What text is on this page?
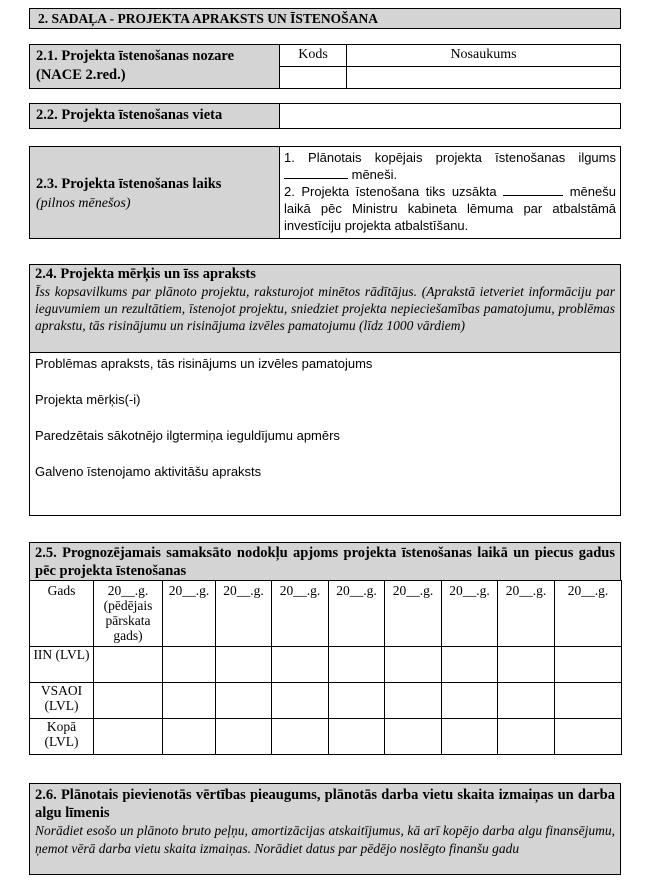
2. SADAĻA - PROJEKTA APRAKSTS UN ĪSTENOŠANA
2.1. Projekta īstenošanas nozare
(NACE 2.red.)
Kods	Nosaukums
2.2. Projekta īstenošanas vieta
2.3. Projekta īstenošanas laiks
(pilnos mēnešos)
1. Plānotais kopējais projekta īstenošanas ilgums  mēneši.
2. Projekta īstenošana tiks uzsākta	mēnešu laikā pēc Ministru kabineta lēmuma par atbalstāmā investīciju projekta atbalstīšanu.
2.4. Projekta mērķis un īss apraksts
Īss kopsavilkums par plānoto projektu, raksturojot minētos rādītājus. (Aprakstā ietveriet informāciju par ieguvumiem un rezultātiem, īstenojot projektu, sniedziet projekta nepieciešamības pamatojumu, problēmas aprakstu, tās risinājumu un risinājuma izvēles pamatojumu (līdz 1000 vārdiem)
Problēmas apraksts, tās risinājums un izvēles pamatojums
Projekta mērķis(-i)
Paredzētais sākotnējo ilgtermiņa ieguldījumu apmērs
Galveno īstenojamo aktivitāšu apraksts
2.5. Prognozējamais samaksāto nodokļu apjoms projekta īstenošanas laikā un piecus gadus pēc projekta īstenošanas
Gads	20__.g. (pēdējais pārskata gads)	20__.g.	20__.g.	20__.g.	20__.g.	20__.g.	20__.g.	20__.g.	20__.g.
IIN (LVL)									
VSAOI (LVL)									
Kopā (LVL)									
2.6. Plānotais pievienotās vērtības pieaugums, plānotās darba vietu skaita izmaiņas un darba algu līmenis
Norādiet esošo un plānoto bruto peļņu, amortizācijas atskaitījumus, kā arī kopējo darba algu finansējumu, ņemot vērā darba vietu skaita izmaiņas. Norādiet datus par pēdējo noslēgto finanšu gadu
